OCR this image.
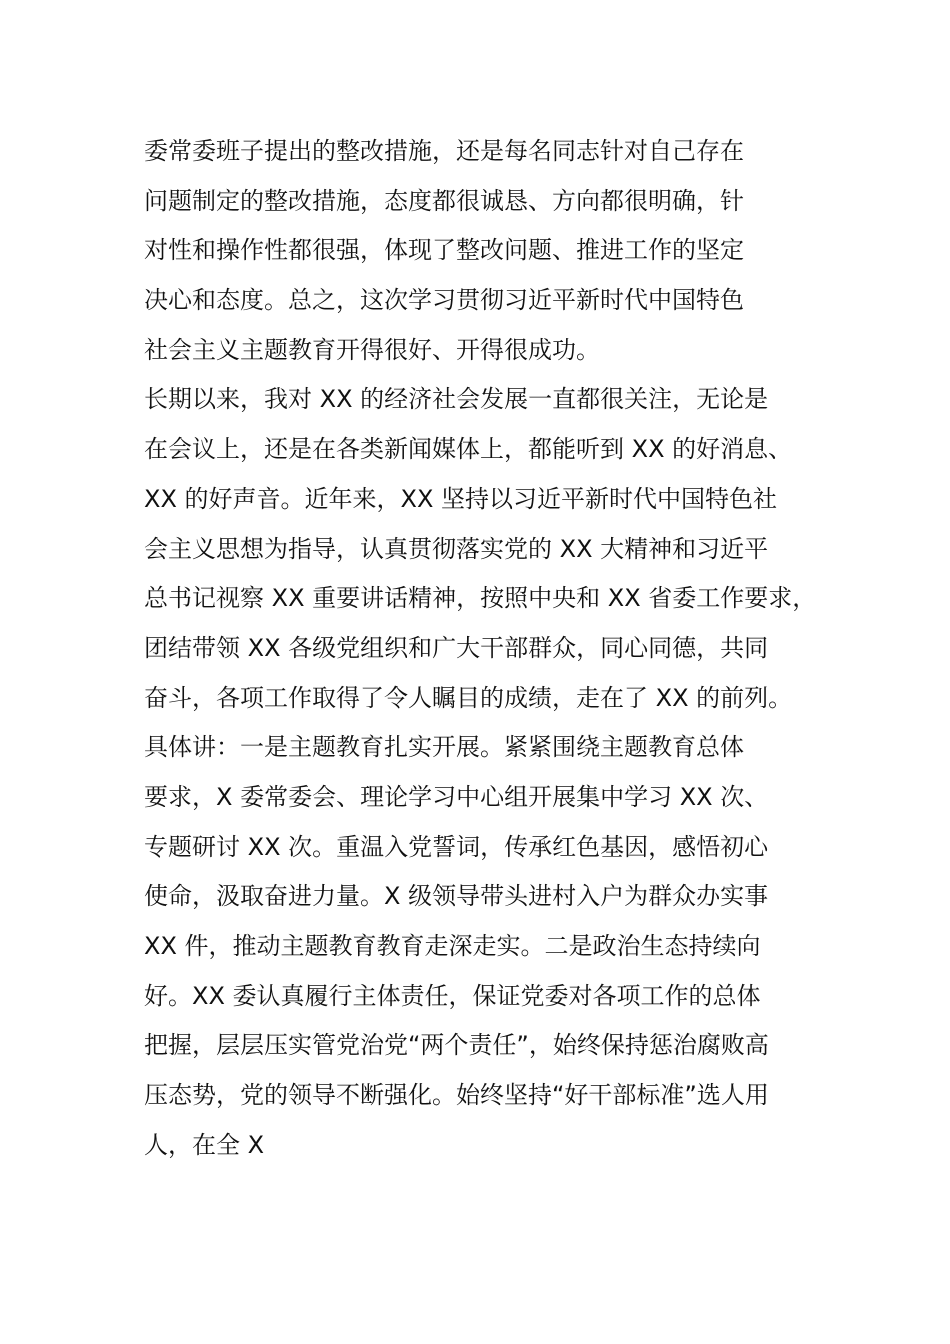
委常委班子提出的整改措施，还是每名同志针对自己存在
问题制定的整改措施，态度都很诚恳、方向都很明确，针
对性和操作性都很强，体现了整改问题、推进工作的坚定
决心和态度。总之，这次学习贯彻习近平新时代中国特色
社会主义主题教育开得很好、开得很成功。
长期以来，我对 XX 的经济社会发展一直都很关注，无论是
在会议上，还是在各类新闻媒体上，都能听到 XX 的好消息、
XX 的好声音。近年来，XX 坚持以习近平新时代中国特色社
会主义思想为指导，认真贯彻落实党的 XX 大精神和习近平
总书记视察 XX 重要讲话精神，按照中央和 XX 省委工作要求，
团结带领 XX 各级党组织和广大干部群众，同心同德，共同
奋斗，各项工作取得了令人瞩目的成绩，走在了 XX 的前列。
具体讲：一是主题教育扎实开展。紧紧围绕主题教育总体
要求，X 委常委会、理论学习中心组开展集中学习 XX 次、
专题研讨 XX 次。重温入党誓词，传承红色基因，感悟初心
使命，汲取奋进力量。X 级领导带头进村入户为群众办实事
XX 件，推动主题教育教育走深走实。二是政治生态持续向
好。XX 委认真履行主体责任，保证党委对各项工作的总体
把握，层层压实管党治党“两个责任”，始终保持惩治腐败高
压态势，党的领导不断强化。始终坚持“好干部标准”选人用
人，在全 X
